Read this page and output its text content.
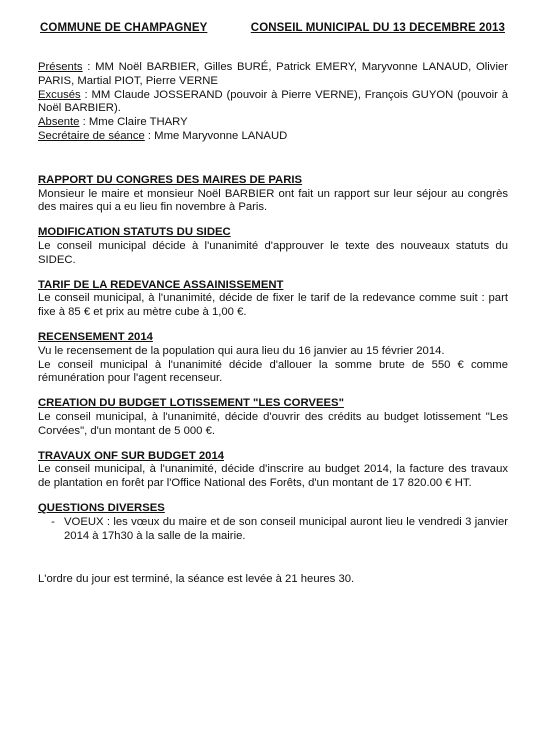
COMMUNE DE CHAMPAGNEY	CONSEIL MUNICIPAL DU 13 DECEMBRE 2013

Présents : MM Noël BARBIER, Gilles BURÉ, Patrick EMERY, Maryvonne LANAUD, Olivier PARIS, Martial PIOT, Pierre VERNE

Excusés : MM Claude JOSSERAND (pouvoir à Pierre VERNE), François GUYON (pouvoir à Noël BARBIER).

Absente : Mme Claire THARY

Secrétaire de séance : Mme Maryvonne LANAUD

RAPPORT DU CONGRES DES MAIRES DE PARIS

Monsieur le maire et monsieur Noël BARBIER ont fait un rapport sur leur séjour au congrès des maires qui a eu lieu fin novembre à Paris.

MODIFICATION STATUTS DU SIDEC

Le conseil municipal décide à l'unanimité d'approuver le texte des nouveaux statuts du SIDEC.

TARIF DE LA REDEVANCE ASSAINISSEMENT

Le conseil municipal, à l'unanimité, décide de fixer le tarif de la redevance comme suit : part fixe à 85 € et prix au mètre cube à 1,00 €.

RECENSEMENT 2014

Vu le recensement de la population qui aura lieu du 16 janvier au 15 février 2014.

Le conseil municipal à l'unanimité décide d'allouer la somme brute de 550 € comme rémunération pour l'agent recenseur.

CREATION DU BUDGET LOTISSEMENT "LES CORVEES"

Le conseil municipal, à l'unanimité, décide d'ouvrir des crédits au budget lotissement "Les Corvées", d'un montant de 5 000 €.

TRAVAUX ONF SUR BUDGET 2014

Le conseil municipal, à l'unanimité, décide d'inscrire au budget 2014, la facture des travaux de plantation en forêt par l'Office National des Forêts, d'un montant de 17 820.00 € HT.

QUESTIONS DIVERSES
- VOEUX : les vœux du maire et de son conseil municipal auront lieu le vendredi 3 janvier 2014 à 17h30 à la salle de la mairie.

L'ordre du jour est terminé, la séance est levée à 21 heures 30.
